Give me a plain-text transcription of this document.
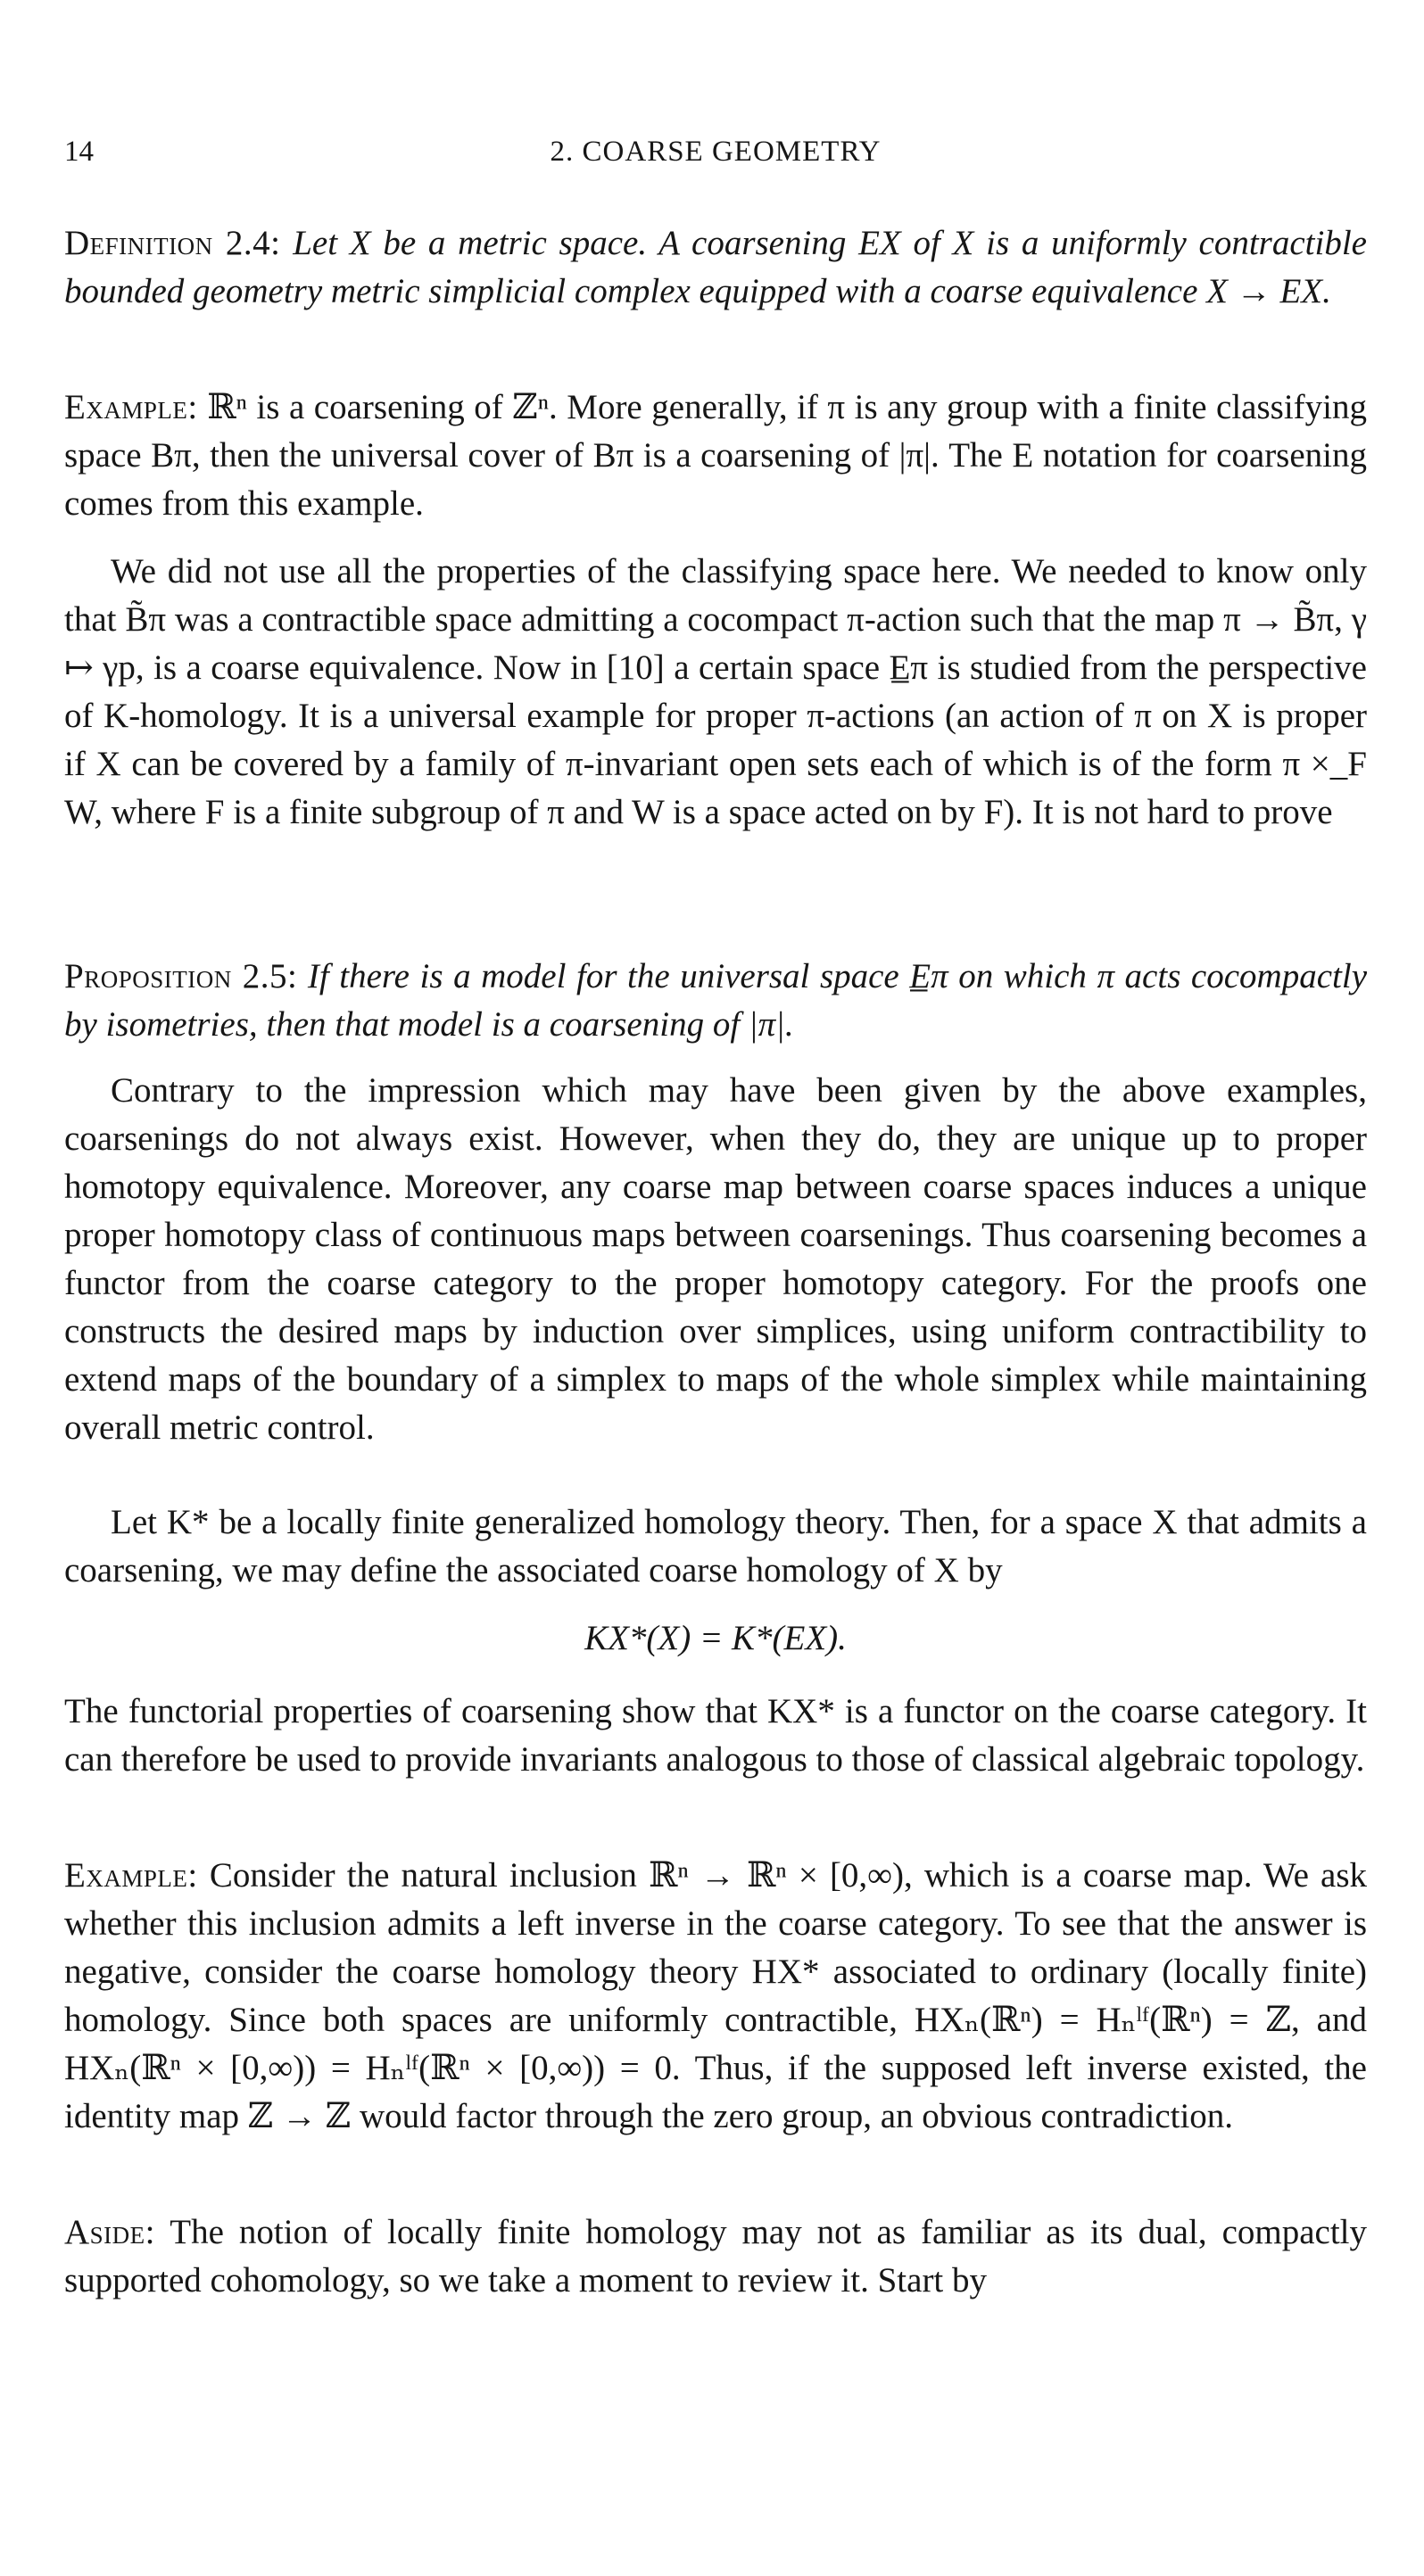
14	2. COARSE GEOMETRY
Definition 2.4: Let X be a metric space. A coarsening EX of X is a uniformly contractible bounded geometry metric simplicial complex equipped with a coarse equivalence X → EX.
Example: ℝⁿ is a coarsening of ℤⁿ. More generally, if π is any group with a finite classifying space Bπ, then the universal cover of Bπ is a coarsening of |π|. The E notation for coarsening comes from this example.
We did not use all the properties of the classifying space here. We needed to know only that B̃π was a contractible space admitting a cocompact π-action such that the map π → B̃π, γ ↦ γp, is a coarse equivalence. Now in [10] a certain space E̲π is studied from the perspective of K-homology. It is a universal example for proper π-actions (an action of π on X is proper if X can be covered by a family of π-invariant open sets each of which is of the form π ×_F W, where F is a finite subgroup of π and W is a space acted on by F). It is not hard to prove
Proposition 2.5: If there is a model for the universal space E̲π on which π acts cocompactly by isometries, then that model is a coarsening of |π|.
Contrary to the impression which may have been given by the above examples, coarsenings do not always exist. However, when they do, they are unique up to proper homotopy equivalence. Moreover, any coarse map between coarse spaces induces a unique proper homotopy class of continuous maps between coarsenings. Thus coarsening becomes a functor from the coarse category to the proper homotopy category. For the proofs one constructs the desired maps by induction over simplices, using uniform contractibility to extend maps of the boundary of a simplex to maps of the whole simplex while maintaining overall metric control.
Let K* be a locally finite generalized homology theory. Then, for a space X that admits a coarsening, we may define the associated coarse homology of X by
KX*(X) = K*(EX).
The functorial properties of coarsening show that KX* is a functor on the coarse category. It can therefore be used to provide invariants analogous to those of classical algebraic topology.
Example: Consider the natural inclusion ℝⁿ → ℝⁿ × [0,∞), which is a coarse map. We ask whether this inclusion admits a left inverse in the coarse category. To see that the answer is negative, consider the coarse homology theory HX* associated to ordinary (locally finite) homology. Since both spaces are uniformly contractible, HXₙ(ℝⁿ) = Hₙˡᶠ(ℝⁿ) = ℤ, and HXₙ(ℝⁿ × [0,∞)) = Hₙˡᶠ(ℝⁿ × [0,∞)) = 0. Thus, if the supposed left inverse existed, the identity map ℤ → ℤ would factor through the zero group, an obvious contradiction.
Aside: The notion of locally finite homology may not as familiar as its dual, compactly supported cohomology, so we take a moment to review it. Start by
